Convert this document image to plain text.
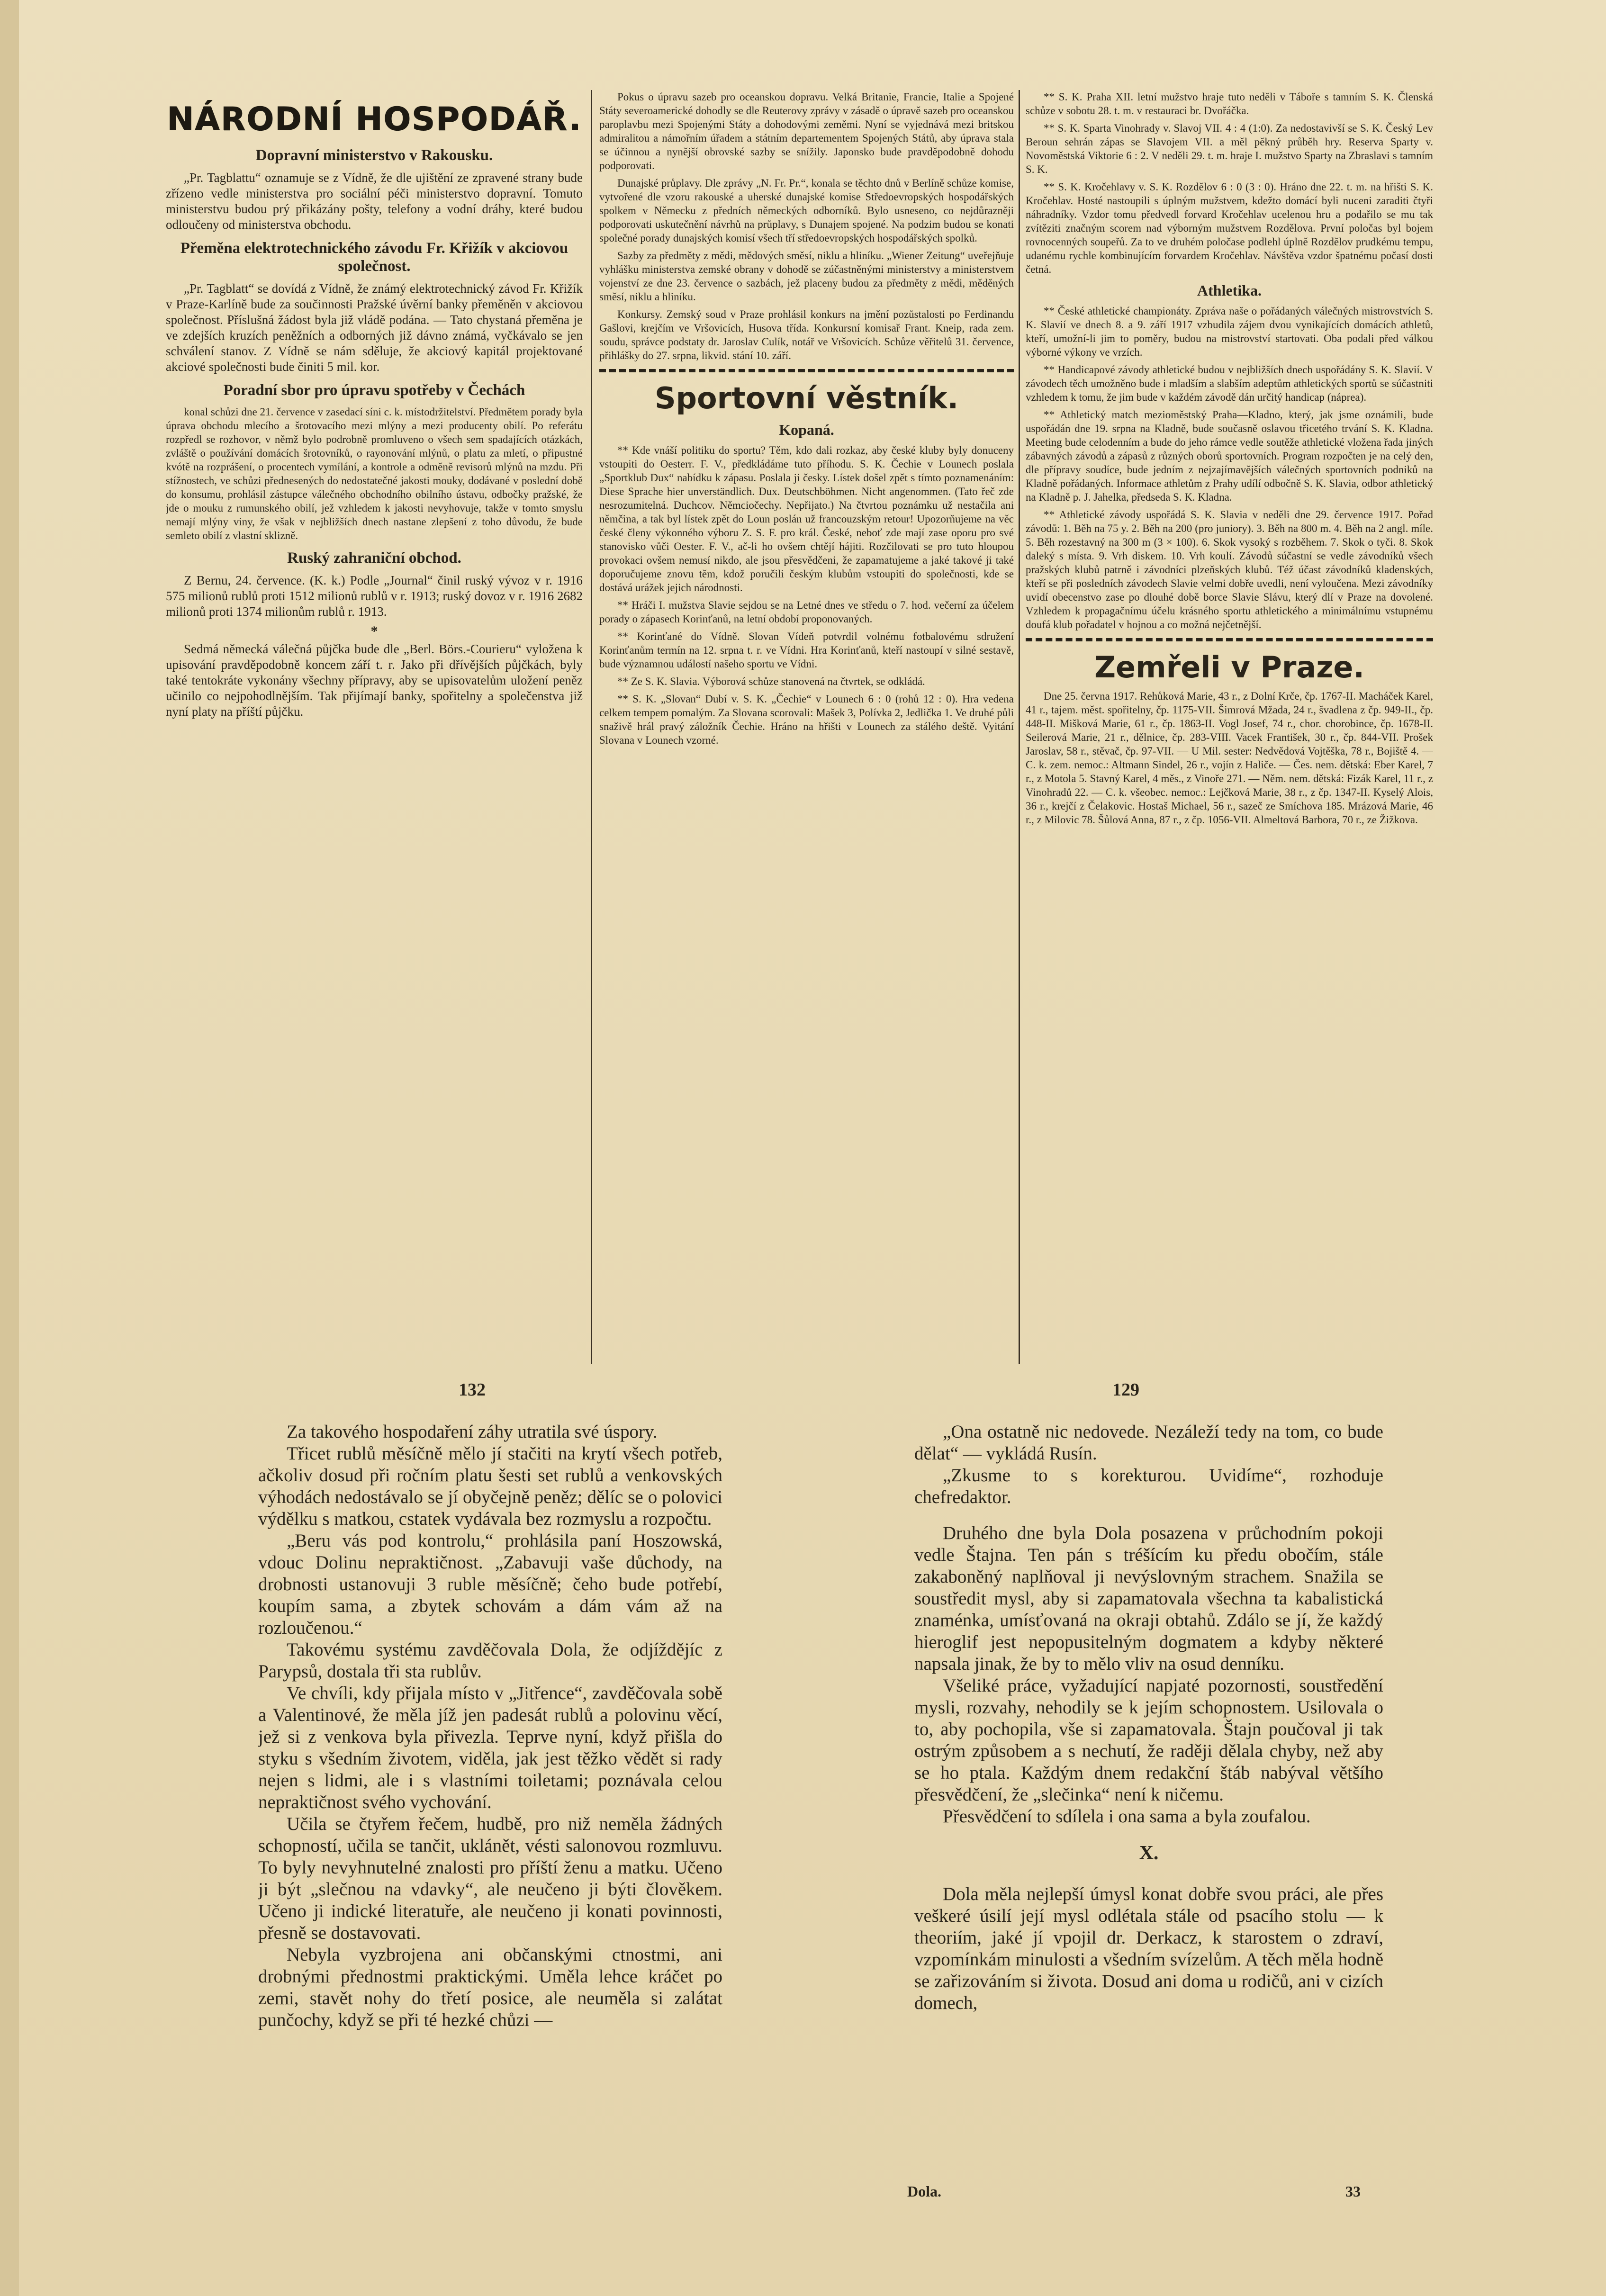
NÁRODNÍ HOSPODÁŘ.
Dopravní ministerstvo v Rakousku.

„Pr. Tagblattu“ oznamuje se z Vídně, že dle ujištění ze zpravené strany bude zřízeno vedle ministerstva pro sociální péči ministerstvo dopravní. Tomuto ministerstvu budou prý přikázány pošty, telefony a vodní dráhy, které budou odloučeny od ministerstva obchodu.

Přeměna elektrotechnického závodu Fr. Křižík v akciovou společnost.

„Pr. Tagblatt“ se dovídá z Vídně, že známý elektrotechnický závod Fr. Křižík v Praze-Karlíně bude za součinnosti Pražské úvěrní banky přeměněn v akciovou společnost. Příslušná žádost byla již vládě podána. — Tato chystaná přeměna je ve zdejších kruzích peněžních a odborných již dávno známá, vyčkávalo se jen schválení stanov. Z Vídně se nám sděluje, že akciový kapitál projektované akciové společnosti bude činiti 5 mil. kor.

Poradní sbor pro úpravu spotřeby v Čechách

konal schůzi dne 21. července v zasedací síni c. k. místodržitelství. Předmětem porady byla úprava obchodu mlecího a šrotovacího mezi mlýny a mezi producenty obilí. Po referátu rozpředl se rozhovor, v němž bylo podrobně promluveno o všech sem spadajících otázkách, zvláště o používání domácích šrotovníků, o rayonování mlýnů, o platu za mletí, o připustné kvótě na rozprášení, o procentech vymílání, a kontrole a odměně revisorů mlýnů na mzdu. Při stížnostech, ve schůzi přednesených do nedostatečné jakosti mouky, dodávané v poslední době do konsumu, prohlásil zástupce válečného obchodního obilního ústavu, odbočky pražské, že jde o mouku z rumunského obilí, jež vzhledem k jakosti nevyhovuje, takže v tomto smyslu nemají mlýny viny, že však v nejbližších dnech nastane zlepšení z toho důvodu, že bude semleto obilí z vlastní sklizně.

Ruský zahraniční obchod.

Z Bernu, 24. července. (K. k.) Podle „Journal“ činil ruský vývoz v r. 1916 575 milionů rublů proti 1512 milionů rublů v r. 1913; ruský dovoz v r. 1916 2682 milionů proti 1374 milionům rublů r. 1913.

*

Sedmá německá válečná půjčka bude dle „Berl. Börs.-Couriеru“ vyložena k upisování pravděpodobně koncem září t. r. Jako při dřívějších půjčkách, byly také tentokráte vykonány všechny přípravy, aby se upisovatelům uložení peněz učinilo co nejpohodlnějším. Tak přijímají banky, spořitelny a společenstva již nyní platy na příští půjčku.

Pokus o úpravu sazeb pro oceanskou dopravu. Velká Britanie, Francie, Italie a Spojené Státy severoamerické dohodly se dle Reuterovy zprávy v zásadě o úpravě sazeb pro oceanskou paroplavbu mezi Spojenými Státy a dohodovými zeměmi. Nyní se vyjednává mezi britskou admiralitou a námořním úřadem a státním departementem Spojených Států, aby úprava stala se účinnou a nynější obrovské sazby se snížily. Japonsko bude pravděpodobně dohodu podporovati.

Dunajské průplavy. Dle zprávy „N. Fr. Pr.“, konala se těchto dnů v Berlíně schůze komise, vytvořené dle vzoru rakouské a uherské dunajské komise Středoevropských hospodářských spolkem v Německu z předních německých odborníků. Bylo usneseno, co nejdůrazněji podporovati uskutečnění návrhů na průplavy, s Dunajem spojené. Na podzim budou se konati společné porady dunajských komisí všech tří středoevropských hospodářských spolků.

Sazby za předměty z mědi, mědových směsí, niklu a hliníku. „Wiener Zeitung“ uveřejňuje vyhlášku ministerstva zemské obrany v dohodě se zúčastněnými ministerstvy a ministerstvem vojenství ze dne 23. července o sazbách, jež placeny budou za předměty z mědi, měděných směsí, niklu a hliníku.

Konkursy. Zemský soud v Praze prohlásil konkurs na jmění pozůstalosti po Ferdinandu Gašlovi, krejčím ve Vršovicích, Husova třída. Konkursní komisař Frant. Kneip, rada zem. soudu, správce podstaty dr. Jaroslav Culík, notář ve Vršovicích. Schůze věřitelů 31. července, přihlášky do 27. srpna, likvid. stání 10. září.

Sportovní věstník.
Kopaná.

** Kde vnáší politiku do sportu? Těm, kdo dali rozkaz, aby české kluby byly donuceny vstoupiti do Oesterr. F. V., předkládáme tuto příhodu. S. K. Čechie v Lounech poslala „Sportklub Dux“ nabídku k zápasu. Poslala ji česky. Lístek došel zpět s tímto poznamenáním: Diese Sprache hier unverständlich. Dux. Deutschböhmen. Nicht angenommen. (Tato řeč zde nesrozumitelná. Duchcov. Němciočechy. Nepřijato.) Na čtvrtou poznámku už nestačila ani němčina, a tak byl lístek zpět do Loun poslán už francouzským retour! Upozorňujeme na věc české členy výkonného výboru Z. S. F. pro král. České, neboť zde mají zase oporu pro své stanovisko vůči Oester. F. V., ač-li ho ovšem chtějí hájiti. Rozčilovati se pro tuto hloupou provokaci ovšem nemusí nikdo, ale jsou přesvědčeni, že zapamatujeme a jaké takové ji také doporučujeme znovu těm, kdož poručili českým klubům vstoupiti do společnosti, kde se dostává urážek jejich národnosti.

** Hráči I. mužstva Slavie sejdou se na Letné dnes ve středu o 7. hod. večerní za účelem porady o zápasech Korinťanů, na letní období proponovaných.

** Korinťané do Vídně. Slovan Vídeň potvrdil volnému fotbalovému sdružení Korinťanům termín na 12. srpna t. r. ve Vídni. Hra Korinťanů, kteří nastoupí v silné sestavě, bude významnou událostí našeho sportu ve Vídni.

** Ze S. K. Slavia. Výborová schůze stanovená na čtvrtek, se odkládá.

** S. K. „Slovan“ Dubí v. S. K. „Čechie“ v Lounech 6 : 0 (rohů 12 : 0). Hra vedena celkem tempem pomalým. Za Slovana scorovali: Mašek 3, Polívka 2, Jedlička 1. Ve druhé půli snaživě hrál pravý záložník Čechie. Hráno na hřišti v Lounech za stálého deště. Vyitání Slovana v Lounech vzorné.

** S. K. Praha XII. letní mužstvo hraje tuto neděli v Táboře s tamním S. K. Členská schůze v sobotu 28. t. m. v restauraci br. Dvořáčka.

** S. K. Sparta Vinohrady v. Slavoj VII. 4 : 4 (1:0). Za nedostavivší se S. K. Český Lev Beroun sehrán zápas se Slavojem VII. a měl pěkný průběh hry. Reserva Sparty v. Novoměstská Viktorie 6 : 2. V neděli 29. t. m. hraje I. mužstvo Sparty na Zbraslavi s tamním S. K.

** S. K. Kročehlavy v. S. K. Rozdělov 6 : 0 (3 : 0). Hráno dne 22. t. m. na hřišti S. K. Kročehlav. Hosté nastoupili s úplným mužstvem, kdežto domácí byli nuceni zaraditi čtyři náhradníky. Vzdor tomu předvedl forvard Kročehlav ucelenou hru a podařilo se mu tak zvítěziti značným scorem nad výborným mužstvem Rozdělova. První poločas byl bojem rovnocenných soupeřů. Za to ve druhém poločase podlehl úplně Rozdělov prudkému tempu, udanému rychle kombinujícím forvardem Kročehlav. Návštěva vzdor špatnému počasí dosti četná.

Athletika.

** České athletické championáty. Zpráva naše o pořádaných válečných mistrovstvích S. K. Slavií ve dnech 8. a 9. září 1917 vzbudila zájem dvou vynikajících domácích athletů, kteří, umožní-li jim to poměry, budou na mistrovství startovati. Oba podali před válkou výborné výkony ve vrzích.

** Handicapové závody athletické budou v nejbližších dnech uspořádány S. K. Slavií. V závodech těch umožněno bude i mladším a slabším adeptům athletických sportů se súčastniti vzhledem k tomu, že jim bude v každém závodě dán určitý handicap (náprea).

** Athletický match mezioměstský Praha—Kladno, který, jak jsme oznámili, bude uspořádán dne 19. srpna na Kladně, bude současně oslavou třicetého trvání S. K. Kladna. Meeting bude celodenním a bude do jeho rámce vedle soutěže athletické vložena řada jiných zábavných závodů a zápasů z různých oborů sportovních. Program rozpočten je na celý den, dle přípravy soudíce, bude jedním z nejzajímavějších válečných sportovních podniků na Kladně pořádaných. Informace athletům z Prahy udílí odbočně S. K. Slavia, odbor athletický na Kladně p. J. Jahelka, předseda S. K. Kladna.

** Athletické závody uspořádá S. K. Slavia v neděli dne 29. července 1917. Pořad závodů: 1. Běh na 75 y. 2. Běh na 200 (pro juniory). 3. Běh na 800 m. 4. Běh na 2 angl. míle. 5. Běh rozestavný na 300 m (3 × 100). 6. Skok vysoký s rozběhem. 7. Skok o tyči. 8. Skok daleký s místa. 9. Vrh diskem. 10. Vrh koulí. Závodů súčastní se vedle závodníků všech pražských klubů patrně i závodníci plzeňských klubů. Též účast závodníků kladenských, kteří se při posledních závodech Slavie velmi dobře uvedli, není vyloučena. Mezi závodníky uvidí obecenstvo zase po dlouhé době borce Slavie Slávu, který dlí v Praze na dovolené. Vzhledem k propagačnímu účelu krásného sportu athletického a minimálnímu vstupnému doufá klub pořadatel v hojnou a co možná nejčetnější.

Zemřeli v Praze.

Dne 25. června 1917. Rehůková Marie, 43 r., z Dolní Krče, čp. 1767-II. Macháček Karel, 41 r., tajem. měst. spořitelny, čp. 1175-VII. Šimrová Mžada, 24 r., švadlena z čp. 949-II., čp. 448-II. Mišková Marie, 61 r., čp. 1863-II. Vogl Josef, 74 r., chor. chorobince, čp. 1678-II. Seilerová Marie, 21 r., dělnice, čp. 283-VIII. Vacek František, 30 r., čp. 844-VII. Prošek Jaroslav, 58 r., stěvač, čp. 97-VII. — U Mil. sester: Nedvědová Vojtěška, 78 r., Bojiště 4. — C. k. zem. nemoc.: Altmann Sindel, 26 r., vojín z Haliče. — Čes. nem. dětská: Eber Karel, 7 r., z Motola 5. Stavný Karel, 4 měs., z Vinoře 271. — Něm. nem. dětská: Fizák Karel, 11 r., z Vinohradů 22. — C. k. všeobec. nemoc.: Lejčková Marie, 38 r., z čp. 1347-II. Kyselý Alois, 36 r., krejčí z Čelakovic. Hostaš Michael, 56 r., sazeč ze Smíchova 185. Mrázová Marie, 46 r., z Milovic 78. Šůlová Anna, 87 r., z čp. 1056-VII. Almeltová Barbora, 70 r., ze Žižkova.

132	129

Za takového hospodaření záhy utratila své úspory.

Třicet rublů měsíčně mělo jí stačiti na krytí všech potřeb, ačkoliv dosud při ročním platu šesti set rublů a venkovských výhodách nedostávalo se jí obyčejně peněz; dělíc se o polovici výdělku s matkou, cstatek vydávala bez rozmyslu a rozpočtu.

„Beru vás pod kontrolu,“ prohlásila paní Hoszowská, vdouc Dolinu nepraktičnost. „Zabavuji vaše důchody, na drobnosti ustanovuji 3 ruble měsíčně; čeho bude potřebí, koupím sama, a zbytek schovám a dám vám až na rozloučenou.“

Takovému systému zavděčovala Dola, že odjíždějíc z Parypsů, dostala tři sta rublův.

Ve chvíli, kdy přijala místo v „Jitřence“, zavděčovala sobě a Valentinové, že měla jíž jen padesát rublů a polovinu věcí, jež si z venkova byla přivezla. Teprve nyní, když přišla do styku s všedním životem, viděla, jak jest těžko vědět si rady nejen s lidmi, ale i s vlastními toiletami; poznávala celou nepraktičnost svého vychování.

Učila se čtyřem řečem, hudbě, pro niž neměla žádných schopností, učila se tančit, uklánět, vésti salonovou rozmluvu. To byly nevyhnutelné znalosti pro příští ženu a matku. Učeno ji být „slečnou na vdavky“, ale neučeno ji býti člověkem. Učeno ji indické literatuře, ale neučeno ji konati povinnosti, přesně se dostavovati.

Nebyla vyzbrojena ani občanskými ctnostmi, ani drobnými přednostmi praktickými. Uměla lehce kráčet po zemi, stavět nohy do třetí posice, ale neuměla si zalátat punčochy, když se při té hezké chůzi —

„Ona ostatně nic nedovede. Nezáleží tedy na tom, co bude dělat“ — vykládá Rusín.

„Zkusme to s korekturou. Uvidíme“, rozhoduje chefredaktor.

Druhého dne byla Dola posazena v průchodním pokoji vedle Štajna. Ten pán s tréšícím ku předu obočím, stále zakaboněný naplňoval ji nevýslovným strachem. Snažila se soustředit mysl, aby si zapamatovala všechna ta kabalistická znaménka, umísťovaná na okraji obtahů. Zdálo se jí, že každý hieroglif jest nepopusitelným dogmatem a kdyby některé napsala jinak, že by to mělo vliv na osud denníku.

Všeliké práce, vyžadující napjaté pozornosti, soustředění mysli, rozvahy, nehodily se k jejím schopnostem. Usilovala o to, aby pochopila, vše si zapamatovala. Štajn poučoval ji tak ostrým způsobem a s nechutí, že raději dělala chyby, než aby se ho ptala. Každým dnem redakční štáb nabýval většího přesvědčení, že „slečinka“ není k ničemu.

Přesvědčení to sdílela i ona sama a byla zoufalou.

X.

Dola měla nejlepší úmysl konat dobře svou práci, ale přes veškeré úsilí její mysl odlétala stále od psacího stolu — k theoriím, jaké jí vpojil dr. Derkacz, k starostem o zdraví, vzpomínkám minulosti a všedním svízelům. A těch měla hodně se zařizováním si života. Dosud ani doma u rodičů, ani v cizích domech,

Dola.	33
